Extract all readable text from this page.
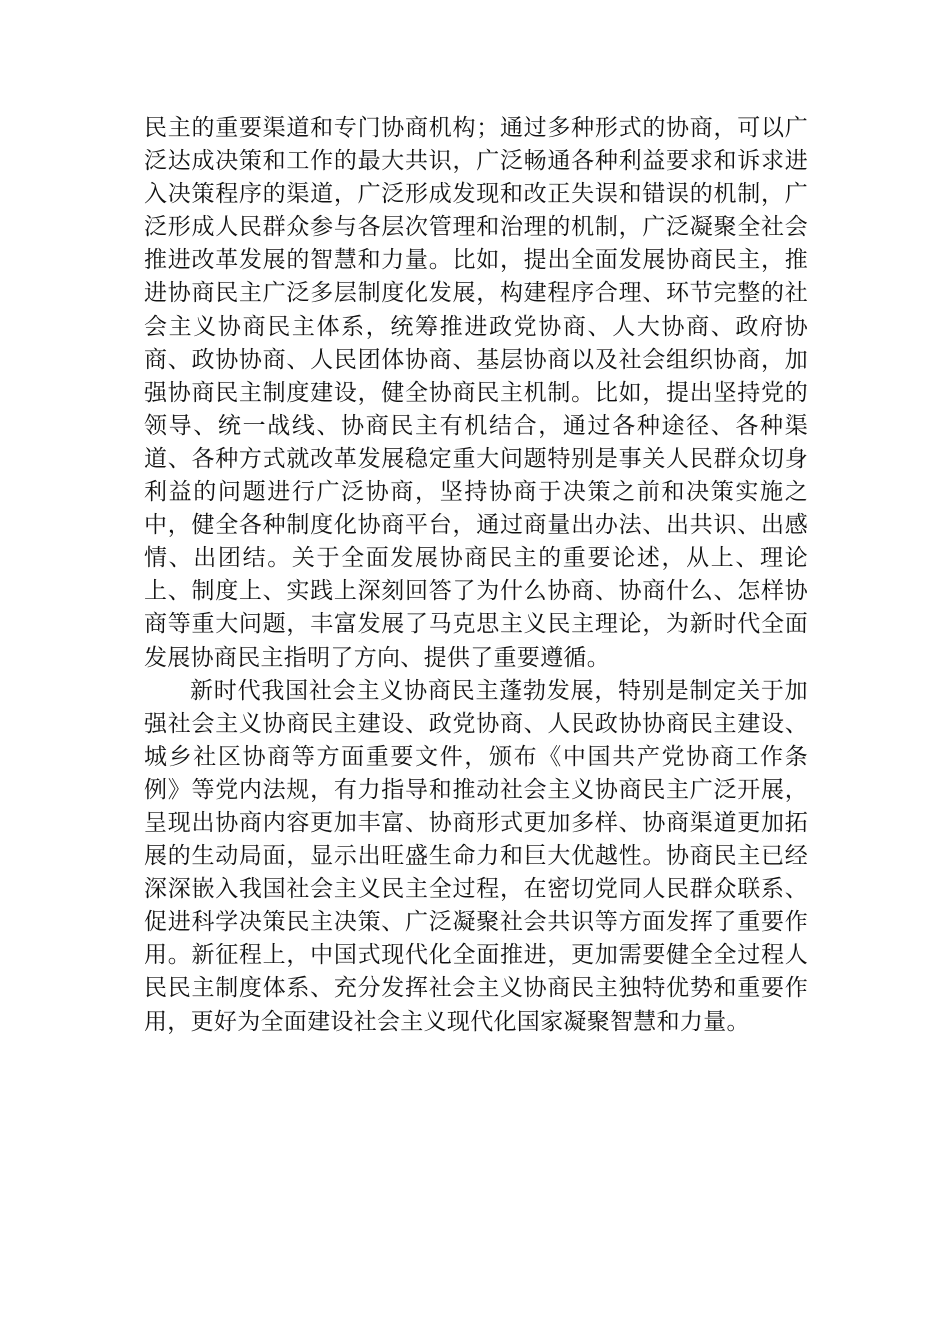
民主的重要渠道和专门协商机构；通过多种形式的协商，可以广泛达成决策和工作的最大共识，广泛畅通各种利益要求和诉求进入决策程序的渠道，广泛形成发现和改正失误和错误的机制，广泛形成人民群众参与各层次管理和治理的机制，广泛凝聚全社会推进改革发展的智慧和力量。比如，提出全面发展协商民主，推进协商民主广泛多层制度化发展，构建程序合理、环节完整的社会主义协商民主体系，统筹推进政党协商、人大协商、政府协商、政协协商、人民团体协商、基层协商以及社会组织协商，加强协商民主制度建设，健全协商民主机制。比如，提出坚持党的领导、统一战线、协商民主有机结合，通过各种途径、各种渠道、各种方式就改革发展稳定重大问题特别是事关人民群众切身利益的问题进行广泛协商，坚持协商于决策之前和决策实施之中，健全各种制度化协商平台，通过商量出办法、出共识、出感情、出团结。关于全面发展协商民主的重要论述，从上、理论上、制度上、实践上深刻回答了为什么协商、协商什么、怎样协商等重大问题，丰富发展了马克思主义民主理论，为新时代全面发展协商民主指明了方向、提供了重要遵循。

新时代我国社会主义协商民主蓬勃发展，特别是制定关于加强社会主义协商民主建设、政党协商、人民政协协商民主建设、城乡社区协商等方面重要文件，颁布《中国共产党协商工作条例》等党内法规，有力指导和推动社会主义协商民主广泛开展，呈现出协商内容更加丰富、协商形式更加多样、协商渠道更加拓展的生动局面，显示出旺盛生命力和巨大优越性。协商民主已经深深嵌入我国社会主义民主全过程，在密切党同人民群众联系、促进科学决策民主决策、广泛凝聚社会共识等方面发挥了重要作用。新征程上，中国式现代化全面推进，更加需要健全全过程人民民主制度体系、充分发挥社会主义协商民主独特优势和重要作用，更好为全面建设社会主义现代化国家凝聚智慧和力量。
